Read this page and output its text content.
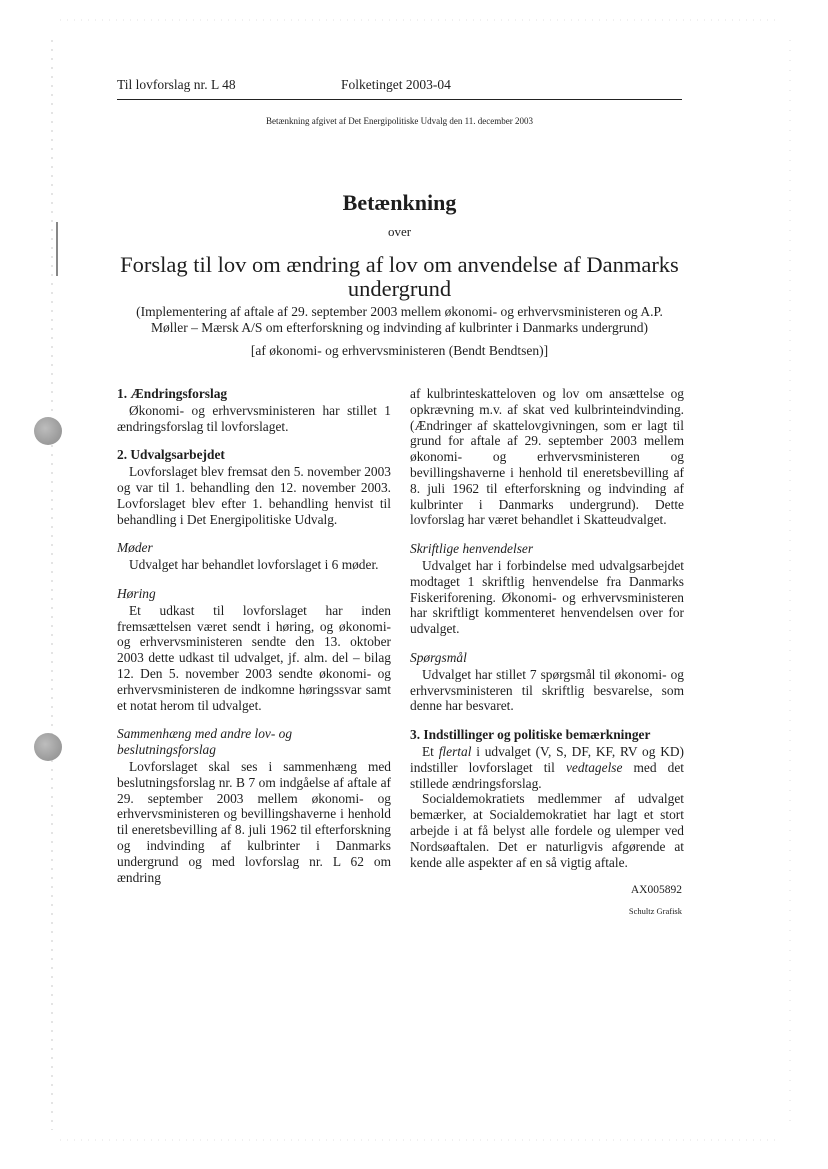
Til lovforslag nr. L 48	Folketinget 2003-04
Betænkning afgivet af Det Energipolitiske Udvalg den 11. december 2003
Betænkning
over
Forslag til lov om ændring af lov om anvendelse af Danmarks undergrund
(Implementering af aftale af 29. september 2003 mellem økonomi- og erhvervsministeren og A.P. Møller – Mærsk A/S om efterforskning og indvinding af kulbrinter i Danmarks undergrund)
[af økonomi- og erhvervsministeren (Bendt Bendtsen)]
1. Ændringsforslag

Økonomi- og erhvervsministeren har stillet 1 ændringsforslag til lovforslaget.

2. Udvalgsarbejdet

Lovforslaget blev fremsat den 5. november 2003 og var til 1. behandling den 12. november 2003. Lovforslaget blev efter 1. behandling henvist til behandling i Det Energipolitiske Udvalg.

Møder

Udvalget har behandlet lovforslaget i 6 møder.

Høring

Et udkast til lovforslaget har inden fremsættelsen været sendt i høring, og økonomi- og erhvervsministeren sendte den 13. oktober 2003 dette udkast til udvalget, jf. alm. del – bilag 12. Den 5. november 2003 sendte økonomi- og erhvervsministeren de indkomne høringssvar samt et notat herom til udvalget.

Sammenhæng med andre lov- og beslutningsforslag

Lovforslaget skal ses i sammenhæng med beslutningsforslag nr. B 7 om indgåelse af aftale af 29. september 2003 mellem økonomi- og erhvervsministeren og bevillingshaverne i henhold til eneretsbevilling af 8. juli 1962 til efterforskning og indvinding af kulbrinter i Danmarks undergrund og med lovforslag nr. L 62 om ændring

af kulbrinteskatteloven og lov om ansættelse og opkrævning m.v. af skat ved kulbrinteindvinding. (Ændringer af skattelovgivningen, som er lagt til grund for aftale af 29. september 2003 mellem økonomi- og erhvervsministeren og bevillingshaverne i henhold til eneretsbevilling af 8. juli 1962 til efterforskning og indvinding af kulbrinter i Danmarks undergrund). Dette lovforslag har været behandlet i Skatteudvalget.

Skriftlige henvendelser

Udvalget har i forbindelse med udvalgsarbejdet modtaget 1 skriftlig henvendelse fra Danmarks Fiskeriforening. Økonomi- og erhvervsministeren har skriftligt kommenteret henvendelsen over for udvalget.

Spørgsmål

Udvalget har stillet 7 spørgsmål til økonomi- og erhvervsministeren til skriftlig besvarelse, som denne har besvaret.

3. Indstillinger og politiske bemærkninger

Et flertal i udvalget (V, S, DF, KF, RV og KD) indstiller lovforslaget til vedtagelse med det stillede ændringsforslag.

Socialdemokratiets medlemmer af udvalget bemærker, at Socialdemokratiet har lagt et stort arbejde i at få belyst alle fordele og ulemper ved Nordsøaftalen. Det er naturligvis afgørende at kende alle aspekter af en så vigtig aftale.

AX005892
Schultz Grafisk
